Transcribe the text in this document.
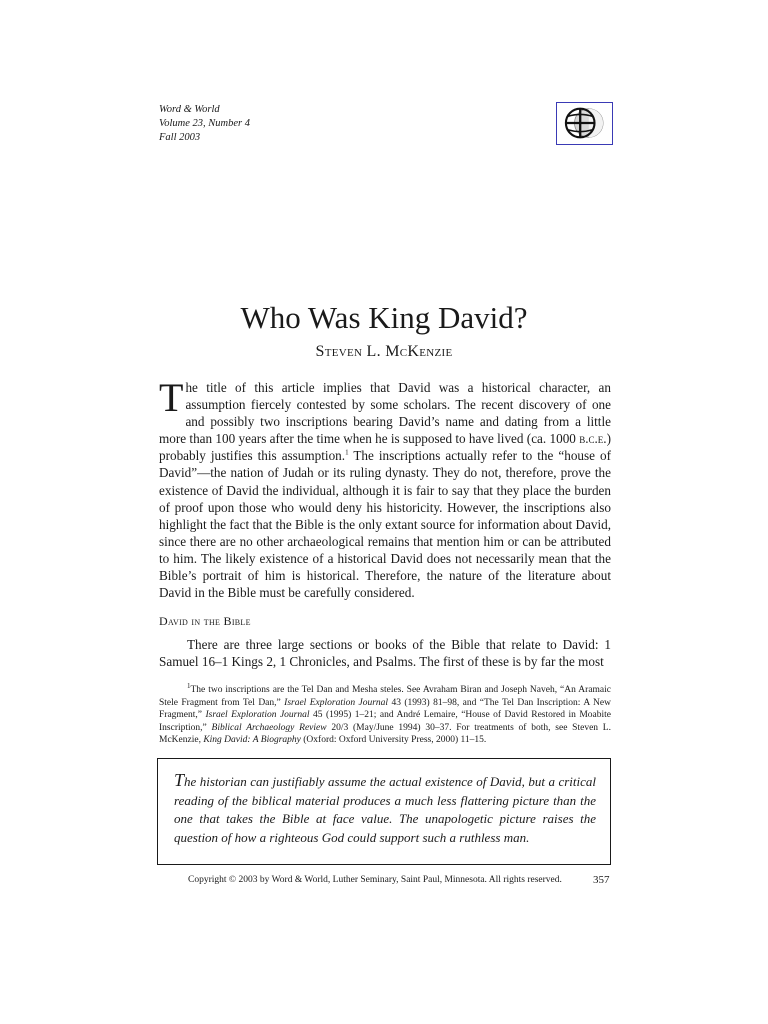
Word & World
Volume 23, Number 4
Fall 2003
Who Was King David?
Steven L. McKenzie

The title of this article implies that David was a historical character, an assumption fiercely contested by some scholars. The recent discovery of one and possibly two inscriptions bearing David’s name and dating from a little more than 100 years after the time when he is supposed to have lived (ca. 1000 b.c.e.) probably justifies this assumption.$^1$ The inscriptions actually refer to the “house of David”—the nation of Judah or its ruling dynasty. They do not, therefore, prove the existence of David the individual, although it is fair to say that they place the burden of proof upon those who would deny his historicity. However, the inscriptions also highlight the fact that the Bible is the only extant source for information about David, since there are no other archaeological remains that mention him or can be attributed to him. The likely existence of a historical David does not necessarily mean that the Bible’s portrait of him is historical. Therefore, the nature of the literature about David in the Bible must be carefully considered.

David in the Bible

There are three large sections or books of the Bible that relate to David: 1 Samuel 16–1 Kings 2, 1 Chronicles, and Psalms. The first of these is by far the most

$^1$The two inscriptions are the Tel Dan and Mesha steles. See Avraham Biran and Joseph Naveh, “An Aramaic Stele Fragment from Tel Dan,” Israel Exploration Journal 43 (1993) 81–98, and “The Tel Dan Inscription: A New Fragment,” Israel Exploration Journal 45 (1995) 1–21; and André Lemaire, “House of David Restored in Moabite Inscription,” Biblical Archaeology Review 20/3 (May/June 1994) 30–37. For treatments of both, see Steven L. McKenzie, King David: A Biography (Oxford: Oxford University Press, 2000) 11–15.

The historian can justifiably assume the actual existence of David, but a critical reading of the biblical material produces a much less flattering picture than the one that takes the Bible at face value. The unapologetic picture raises the question of how a righteous God could support such a ruthless man.
Copyright © 2003 by Word & World, Luther Seminary, Saint Paul, Minnesota. All rights reserved.	357
